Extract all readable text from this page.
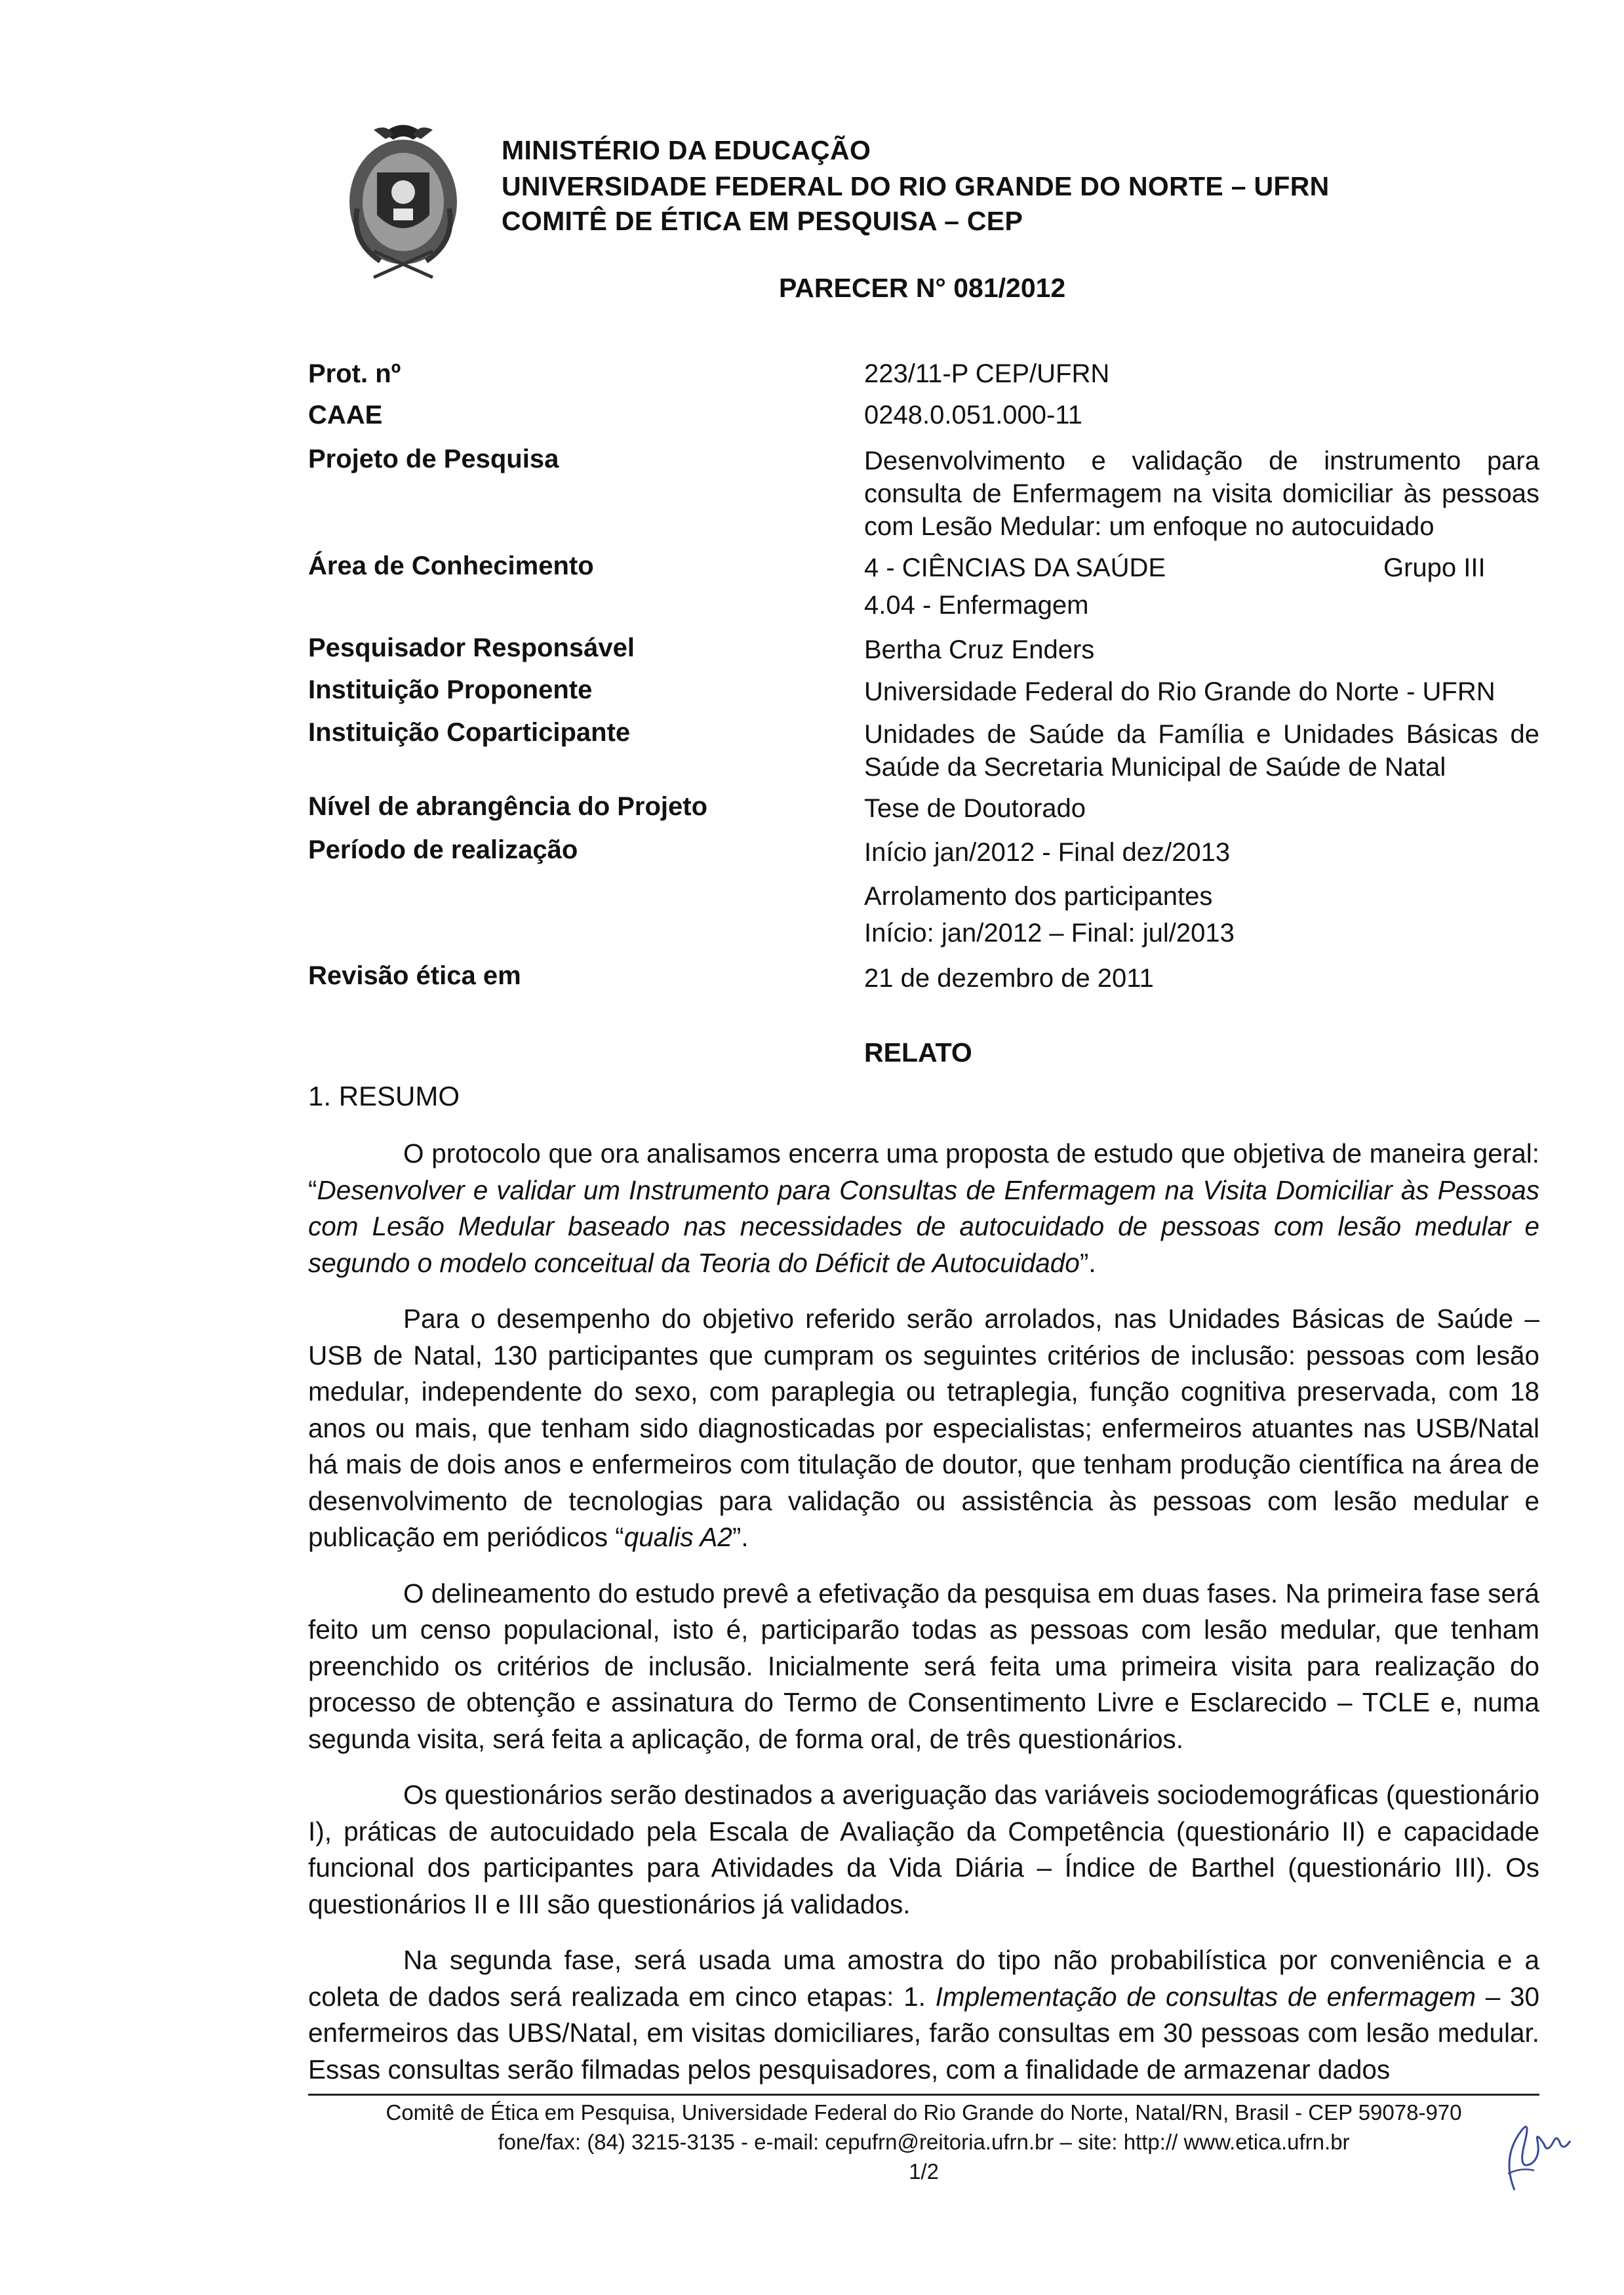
MINISTÉRIO DA EDUCAÇÃO
UNIVERSIDADE FEDERAL DO RIO GRANDE DO NORTE – UFRN
COMITÊ DE ÉTICA EM PESQUISA – CEP
PARECER N° 081/2012
Prot. nº	223/11-P CEP/UFRN
CAAE	0248.0.051.000-11
Projeto de Pesquisa	Desenvolvimento e validação de instrumento para consulta de Enfermagem na visita domiciliar às pessoas com Lesão Medular: um enfoque no autocuidado
Área de Conhecimento	4 - CIÊNCIAS DA SAÚDE	Grupo III
4.04 - Enfermagem
Pesquisador Responsável	Bertha Cruz Enders
Instituição Proponente	Universidade Federal do Rio Grande do Norte - UFRN
Instituição Coparticipante	Unidades de Saúde da Família e Unidades Básicas de Saúde da Secretaria Municipal de Saúde de Natal
Nível de abrangência do Projeto	Tese de Doutorado
Período de realização	Início jan/2012 - Final dez/2013
Arrolamento dos participantes
Início: jan/2012 – Final: jul/2013
Revisão ética em	21 de dezembro de 2011
RELATO
1. RESUMO

O protocolo que ora analisamos encerra uma proposta de estudo que objetiva de maneira geral: “Desenvolver e validar um Instrumento para Consultas de Enfermagem na Visita Domiciliar às Pessoas com Lesão Medular baseado nas necessidades de autocuidado de pessoas com lesão medular e segundo o modelo conceitual da Teoria do Déficit de Autocuidado”.

Para o desempenho do objetivo referido serão arrolados, nas Unidades Básicas de Saúde – USB de Natal, 130 participantes que cumpram os seguintes critérios de inclusão: pessoas com lesão medular, independente do sexo, com paraplegia ou tetraplegia, função cognitiva preservada, com 18 anos ou mais, que tenham sido diagnosticadas por especialistas; enfermeiros atuantes nas USB/Natal há mais de dois anos e enfermeiros com titulação de doutor, que tenham produção científica na área de desenvolvimento de tecnologias para validação ou assistência às pessoas com lesão medular e publicação em periódicos “qualis A2”.

O delineamento do estudo prevê a efetivação da pesquisa em duas fases. Na primeira fase será feito um censo populacional, isto é, participarão todas as pessoas com lesão medular, que tenham preenchido os critérios de inclusão. Inicialmente será feita uma primeira visita para realização do processo de obtenção e assinatura do Termo de Consentimento Livre e Esclarecido – TCLE e, numa segunda visita, será feita a aplicação, de forma oral, de três questionários.

Os questionários serão destinados a averiguação das variáveis sociodemográficas (questionário I), práticas de autocuidado pela Escala de Avaliação da Competência (questionário II) e capacidade funcional dos participantes para Atividades da Vida Diária – Índice de Barthel (questionário III). Os questionários II e III são questionários já validados.

Na segunda fase, será usada uma amostra do tipo não probabilística por conveniência e a coleta de dados será realizada em cinco etapas: 1. Implementação de consultas de enfermagem – 30 enfermeiros das UBS/Natal, em visitas domiciliares, farão consultas em 30 pessoas com lesão medular. Essas consultas serão filmadas pelos pesquisadores, com a finalidade de armazenar dados

Comitê de Ética em Pesquisa, Universidade Federal do Rio Grande do Norte, Natal/RN, Brasil - CEP 59078-970
fone/fax: (84) 3215-3135 - e-mail: cepufrn@reitoria.ufrn.br – site: http:// www.etica.ufrn.br
1/2
